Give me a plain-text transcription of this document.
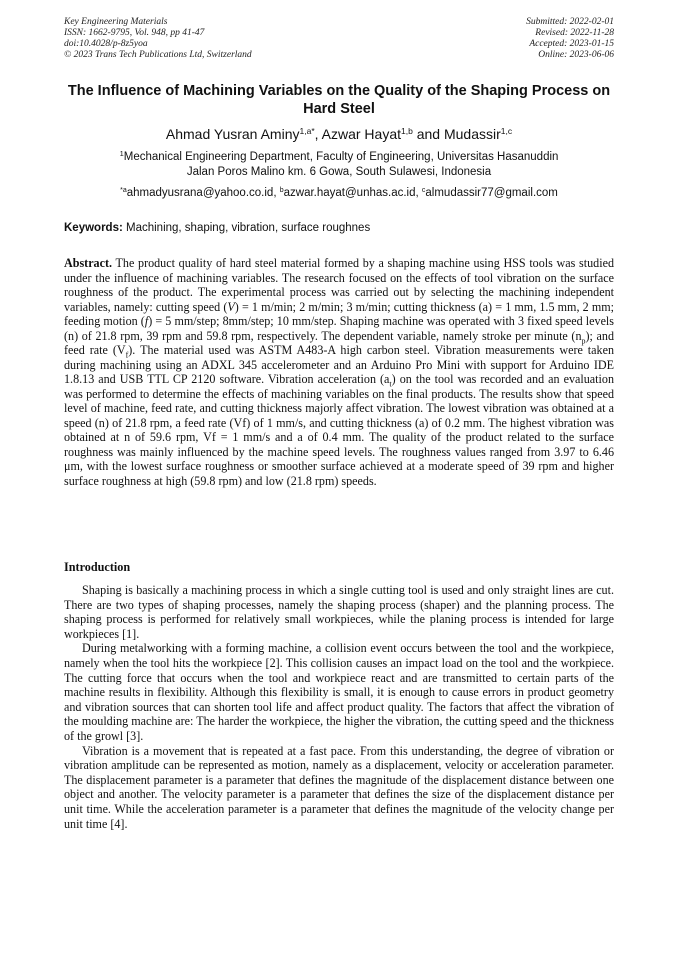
Key Engineering Materials
ISSN: 1662-9795, Vol. 948, pp 41-47
doi:10.4028/p-8z5yoa
© 2023 Trans Tech Publications Ltd, Switzerland
Submitted: 2022-02-01
Revised: 2022-11-28
Accepted: 2023-01-15
Online: 2023-06-06
The Influence of Machining Variables on the Quality of the Shaping Process on Hard Steel
Ahmad Yusran Aminy$^{1,a*}$, Azwar Hayat$^{1,b}$ and Mudassir$^{1,c}$
$^1$Mechanical Engineering Department, Faculty of Engineering, Universitas Hasanuddin
Jalan Poros Malino km. 6 Gowa, South Sulawesi, Indonesia
$^{*a}$ahmadyusrana@yahoo.co.id, $^b$azwar.hayat@unhas.ac.id, $^c$almudassir77@gmail.com
Keywords: Machining, shaping, vibration, surface roughnes
Abstract. The product quality of hard steel material formed by a shaping machine using HSS tools was studied under the influence of machining variables. The research focused on the effects of tool vibration on the surface roughness of the product. The experimental process was carried out by selecting the machining independent variables, namely: cutting speed (V) = 1 m/min; 2 m/min; 3 m/min; cutting thickness (a) = 1 mm, 1.5 mm, 2 mm; feeding motion (f) = 5 mm/step; 8mm/step; 10 mm/step. Shaping machine was operated with 3 fixed speed levels (n) of 21.8 rpm, 39 rpm and 59.8 rpm, respectively. The dependent variable, namely stroke per minute $(n_p)$; and feed rate $(V_f)$. The material used was ASTM A483-A high carbon steel. Vibration measurements were taken during machining using an ADXL 345 accelerometer and an Arduino Pro Mini with support for Arduino IDE 1.8.13 and USB TTL CP 2120 software. Vibration acceleration $(a_t)$ on the tool was recorded and an evaluation was performed to determine the effects of machining variables on the final products. The results show that speed level of machine, feed rate, and cutting thickness majorly affect vibration. The lowest vibration was obtained at a speed (n) of 21.8 rpm, a feed rate (Vf) of 1 mm/s, and cutting thickness (a) of 0.2 mm. The highest vibration was obtained at n of 59.6 rpm, Vf = 1 mm/s and a of 0.4 mm. The quality of the product related to the surface roughness was mainly influenced by the machine speed levels. The roughness values ranged from 3.97 to 6.46 μm, with the lowest surface roughness or smoother surface achieved at a moderate speed of 39 rpm and higher surface roughness at high (59.8 rpm) and low (21.8 rpm) speeds.
Introduction

Shaping is basically a machining process in which a single cutting tool is used and only straight lines are cut. There are two types of shaping processes, namely the shaping process (shaper) and the planning process. The shaping process is performed for relatively small workpieces, while the planing process is intended for large workpieces [1].

During metalworking with a forming machine, a collision event occurs between the tool and the workpiece, namely when the tool hits the workpiece [2]. This collision causes an impact load on the tool and the workpiece. The cutting force that occurs when the tool and workpiece react and are transmitted to certain parts of the machine results in flexibility. Although this flexibility is small, it is enough to cause errors in product geometry and vibration sources that can shorten tool life and affect product quality. The factors that affect the vibration of the moulding machine are: The harder the workpiece, the higher the vibration, the cutting speed and the thickness of the growl [3].

Vibration is a movement that is repeated at a fast pace. From this understanding, the degree of vibration or vibration amplitude can be represented as motion, namely as a displacement, velocity or acceleration parameter. The displacement parameter is a parameter that defines the magnitude of the displacement distance between one object and another. The velocity parameter is a parameter that defines the size of the displacement distance per unit time. While the acceleration parameter is a parameter that defines the magnitude of the velocity change per unit time [4].
